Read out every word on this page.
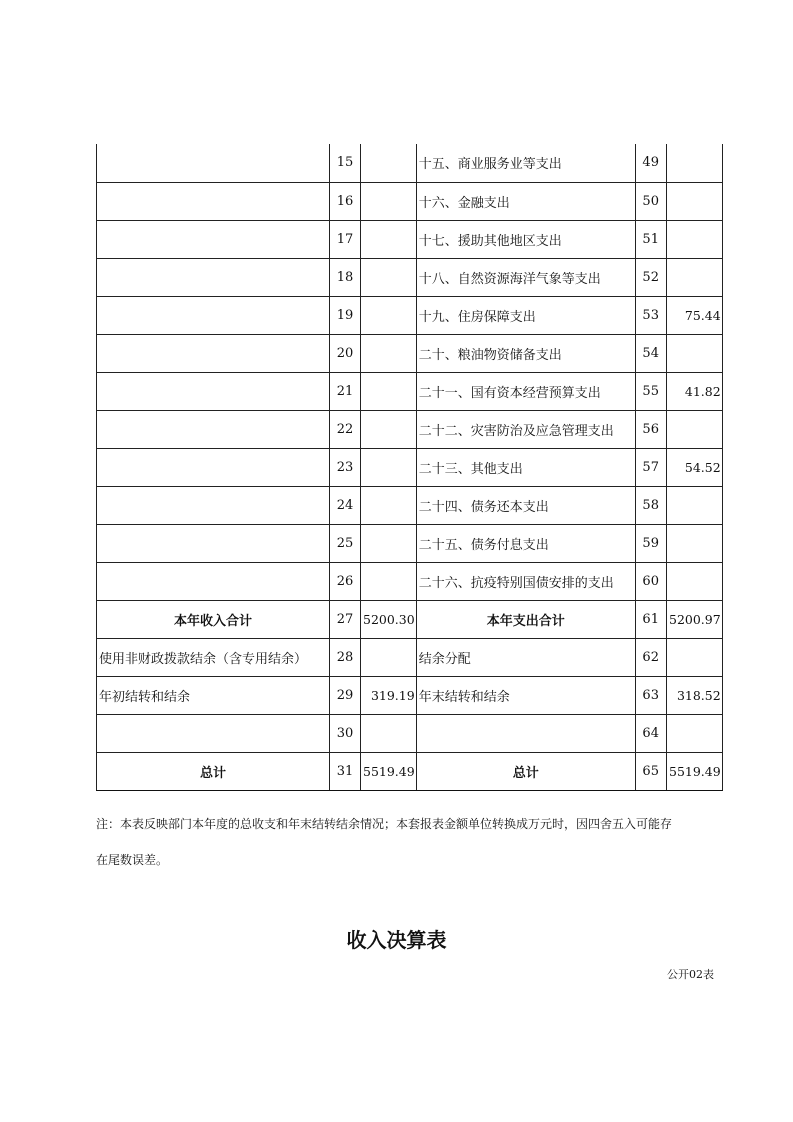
	15		十五、商业服务业等支出	49	
	16		十六、金融支出	50	
	17		十七、援助其他地区支出	51	
	18		十八、自然资源海洋气象等支出	52	
	19		十九、住房保障支出	53	75.44
	20		二十、粮油物资储备支出	54	
	21		二十一、国有资本经营预算支出	55	41.82
	22		二十二、灾害防治及应急管理支出	56	
	23		二十三、其他支出	57	54.52
	24		二十四、债务还本支出	58	
	25		二十五、债务付息支出	59	
	26		二十六、抗疫特别国债安排的支出	60	
本年收入合计	27	5200.30	本年支出合计	61	5200.97
使用非财政拨款结余（含专用结余）	28		结余分配	62	
年初结转和结余	29	319.19	年末结转和结余	63	318.52
	30			64	
总计	31	5519.49	总计	65	5519.49
注：本表反映部门本年度的总收支和年末结转结余情况；本套报表金额单位转换成万元时，因四舍五入可能存
在尾数误差。
收入决算表
公开02表
